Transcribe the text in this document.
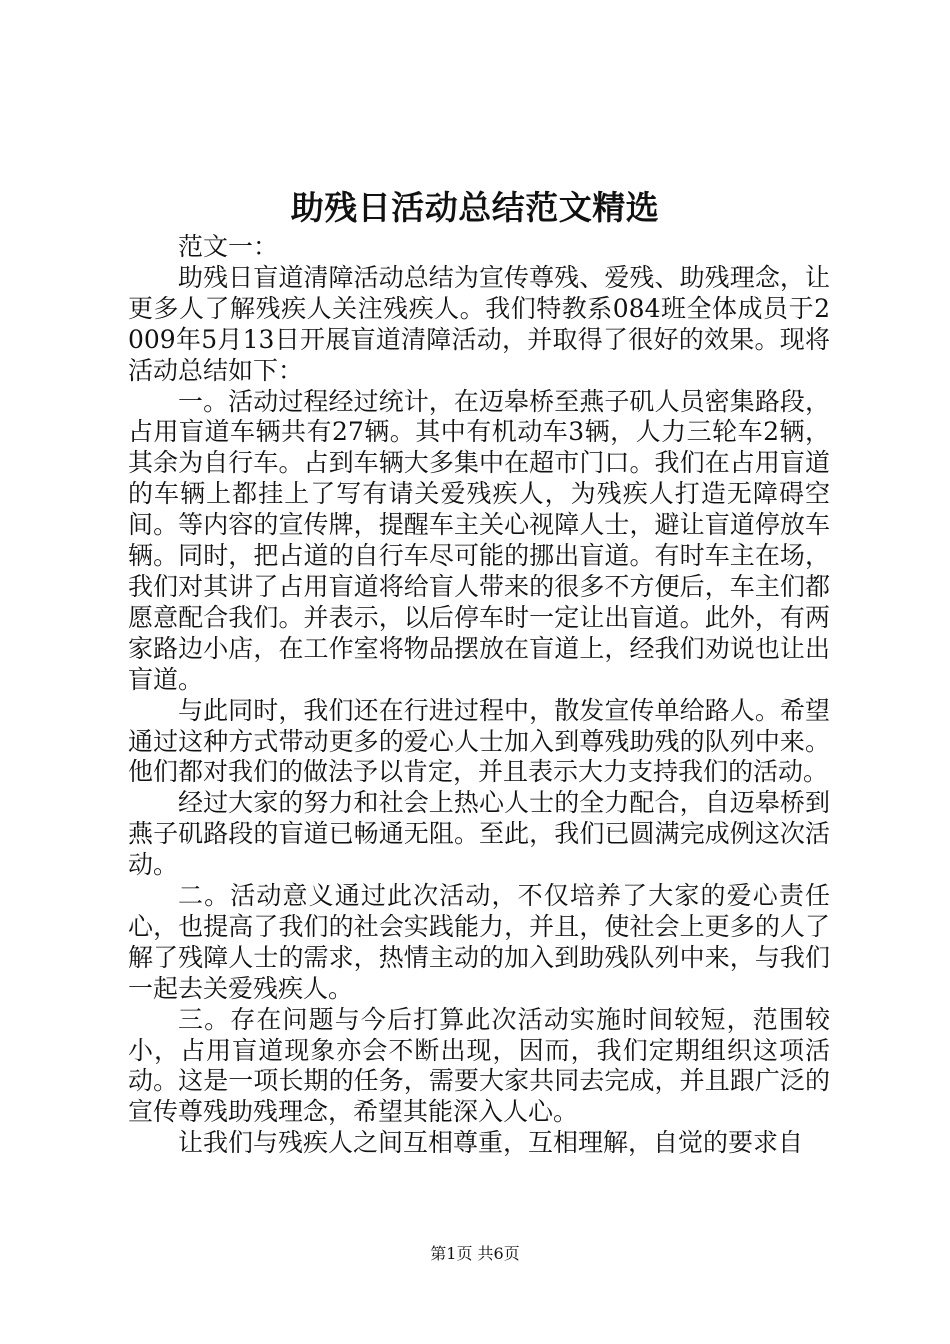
助残日活动总结范文精选

范文一：

助残日盲道清障活动总结为宣传尊残、爱残、助残理念，让更多人了解残疾人关注残疾人。我们特教系084班全体成员于2009年5月13日开展盲道清障活动，并取得了很好的效果。现将活动总结如下：

一。活动过程经过统计，在迈皋桥至燕子矶人员密集路段，占用盲道车辆共有27辆。其中有机动车3辆，人力三轮车2辆，其余为自行车。占到车辆大多集中在超市门口。我们在占用盲道的车辆上都挂上了写有请关爱残疾人，为残疾人打造无障碍空间。等内容的宣传牌，提醒车主关心视障人士，避让盲道停放车辆。同时，把占道的自行车尽可能的挪出盲道。有时车主在场，我们对其讲了占用盲道将给盲人带来的很多不方便后，车主们都愿意配合我们。并表示，以后停车时一定让出盲道。此外，有两家路边小店，在工作室将物品摆放在盲道上，经我们劝说也让出盲道。

与此同时，我们还在行进过程中，散发宣传单给路人。希望通过这种方式带动更多的爱心人士加入到尊残助残的队列中来。他们都对我们的做法予以肯定，并且表示大力支持我们的活动。

经过大家的努力和社会上热心人士的全力配合，自迈皋桥到燕子矶路段的盲道已畅通无阻。至此，我们已圆满完成例这次活动。

二。活动意义通过此次活动，不仅培养了大家的爱心责任心，也提高了我们的社会实践能力，并且，使社会上更多的人了解了残障人士的需求，热情主动的加入到助残队列中来，与我们一起去关爱残疾人。

三。存在问题与今后打算此次活动实施时间较短，范围较小，占用盲道现象亦会不断出现，因而，我们定期组织这项活动。这是一项长期的任务，需要大家共同去完成，并且跟广泛的宣传尊残助残理念，希望其能深入人心。

让我们与残疾人之间互相尊重，互相理解，自觉的要求自

第1页 共6页
